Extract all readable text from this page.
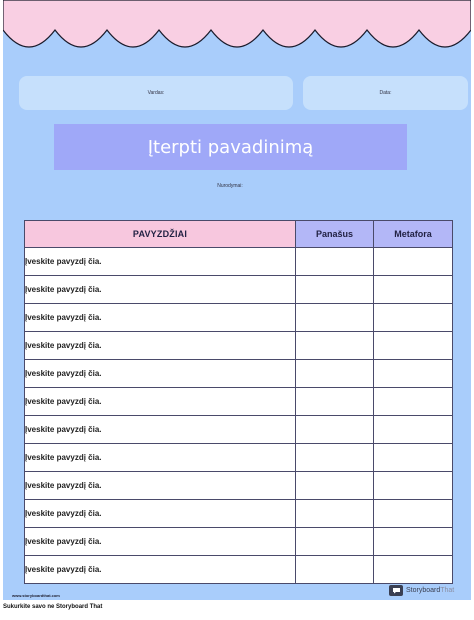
Vardas:	Data:
Įterpti pavadinimą
Nurodymai:
PAVYZDŽIAI	Panašus	Metafora
Įveskite pavyzdį čia.		
Įveskite pavyzdį čia.		
Įveskite pavyzdį čia.		
Įveskite pavyzdį čia.		
Įveskite pavyzdį čia.		
Įveskite pavyzdį čia.		
Įveskite pavyzdį čia.		
Įveskite pavyzdį čia.		
Įveskite pavyzdį čia.		
Įveskite pavyzdį čia.		
Įveskite pavyzdį čia.		
Įveskite pavyzdį čia.		
www.storyboardthat.com
StoryboardThat
Sukurkite savo ne Storyboard That
